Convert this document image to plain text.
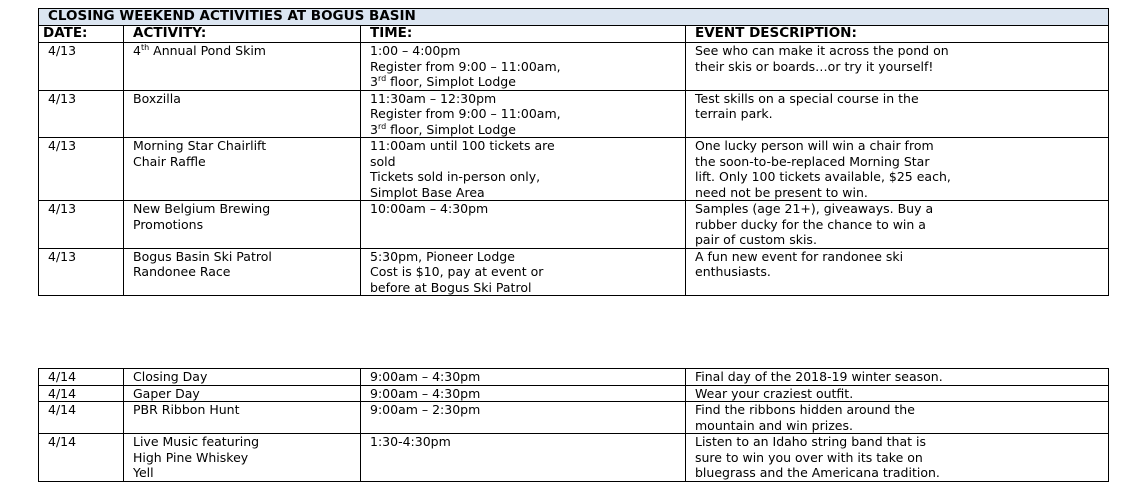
CLOSING WEEKEND ACTIVITIES AT BOGUS BASIN			
DATE:	ACTIVITY:	TIME:	EVENT DESCRIPTION:
4/13	4th Annual Pond Skim	1:00 – 4:00pm
Register from 9:00 – 11:00am,
3rd floor, Simplot Lodge	See who can make it across the pond on
their skis or boards…or try it yourself!

4/13	Boxzilla	11:30am – 12:30pm
Register from 9:00 – 11:00am,
3rd floor, Simplot Lodge	Test skills on a special course in the
terrain park.

4/13	Morning Star Chairlift
Chair Raffle	11:00am until 100 tickets are
sold
Tickets sold in-person only,
Simplot Base Area	One lucky person will win a chair from
the soon-to-be-replaced Morning Star
lift. Only 100 tickets available, $25 each,
need not be present to win.

4/13	New Belgium Brewing
Promotions	10:00am – 4:30pm	Samples (age 21+), giveaways. Buy a
rubber ducky for the chance to win a
pair of custom skis.

4/13	Bogus Basin Ski Patrol
Randonee Race	5:30pm, Pioneer Lodge
Cost is $10, pay at event or
before at Bogus Ski Patrol	A fun new event for randonee ski
enthusiasts.
4/14	Closing Day	9:00am – 4:30pm	Final day of the 2018-19 winter season.

4/14	Gaper Day	9:00am – 4:30pm	Wear your craziest outfit.

4/14	PBR Ribbon Hunt	9:00am – 2:30pm	Find the ribbons hidden around the
mountain and win prizes.

4/14	Live Music featuring
High Pine Whiskey
Yell	1:30-4:30pm	Listen to an Idaho string band that is
sure to win you over with its take on
bluegrass and the Americana tradition.
